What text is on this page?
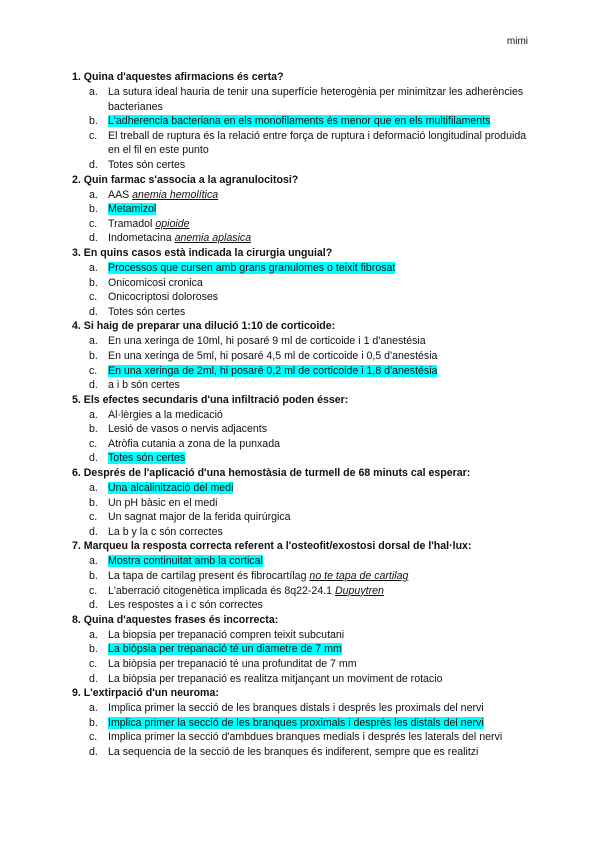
mimi
1. Quina d'aquestes afirmacions és certa?
a. La sutura ideal hauria de tenir una superfície heterogènia per minimitzar les adherències bacterianes
b. L'adherencia bacteriana en els monofilaments és menor que en els multifilaments
c.	El treball de ruptura és la relació entre força de ruptura i deformació longitudinal produida en el fil en este punto
d. Totes són certes
2. Quin farmac s'associa a la agranulocitosi?
a. AAS anemia hemolítica
b. Metamizol
c.	Tramadol opioide
d. Indometacina anemia aplasica
3. En quins casos està indicada la cirurgia unguial?
a. Processos que cursen amb grans granulomes o teixit fibrosat
b. Onicomicosi cronica
c.	Onicocriptosi doloroses
d. Totes són certes
4. Si haig de preparar una dilució 1:10 de corticoide:
a. En una xeringa de 10ml, hi posaré 9 ml de corticoide i 1 d'anestésia
b. En una xeringa de 5ml, hi posaré 4,5 ml de corticoide i 0,5 d'anestésia
c.	En una xeringa de 2ml, hi posaré 0,2 ml de corticoide i 1,8 d'anestésia
d. a i b són certes
5. Els efectes secundaris d'una infiltració poden ésser:
a. Al·lèrgies a la medicació
b. Lesió de vasos o nervis adjacents
c.	Atròfia cutania a zona de la punxada
d. Totes són certes
6. Després de l'aplicació d'una hemostàsia de turmell de 68 minuts cal esperar:
a. Una alcalinització del medi
b. Un pH bàsic en el medi
c.	Un sagnat major de la ferida quirúrgica
d. La b y la c són correctes
7. Marqueu la resposta correcta referent a l'osteofit/exostosi dorsal de l'hal·lux:
a. Mostra continuitat amb la cortical
b. La tapa de cartílag present és fibrocartílag no te tapa de cartilag
c.	L'aberració citogenètica implicada és 8q22-24.1 Dupuytren
d. Les respostes a i c són correctes
8. Quina d'aquestes frases és incorrecta:
a. La biopsia per trepanació compren teixit subcutani
b. La biòpsia per trepanació té un diametre de 7 mm
c.	La biòpsia per trepanació té una profunditat de 7 mm
d. La biòpsia per trepanació es realitza mitjançant un moviment de rotacio
9. L'extirpació d'un neuroma:
a. Implica primer la secció de les branques distals i després les proximals del nervi
b. Implica primer la secció de les branques proximals i després les distals del nervi
c.	Implica primer la secció d'ambdues branques medials i després les laterals del nervi
d. La sequencia de la secció de les branques és indiferent, sempre que es realitzi
